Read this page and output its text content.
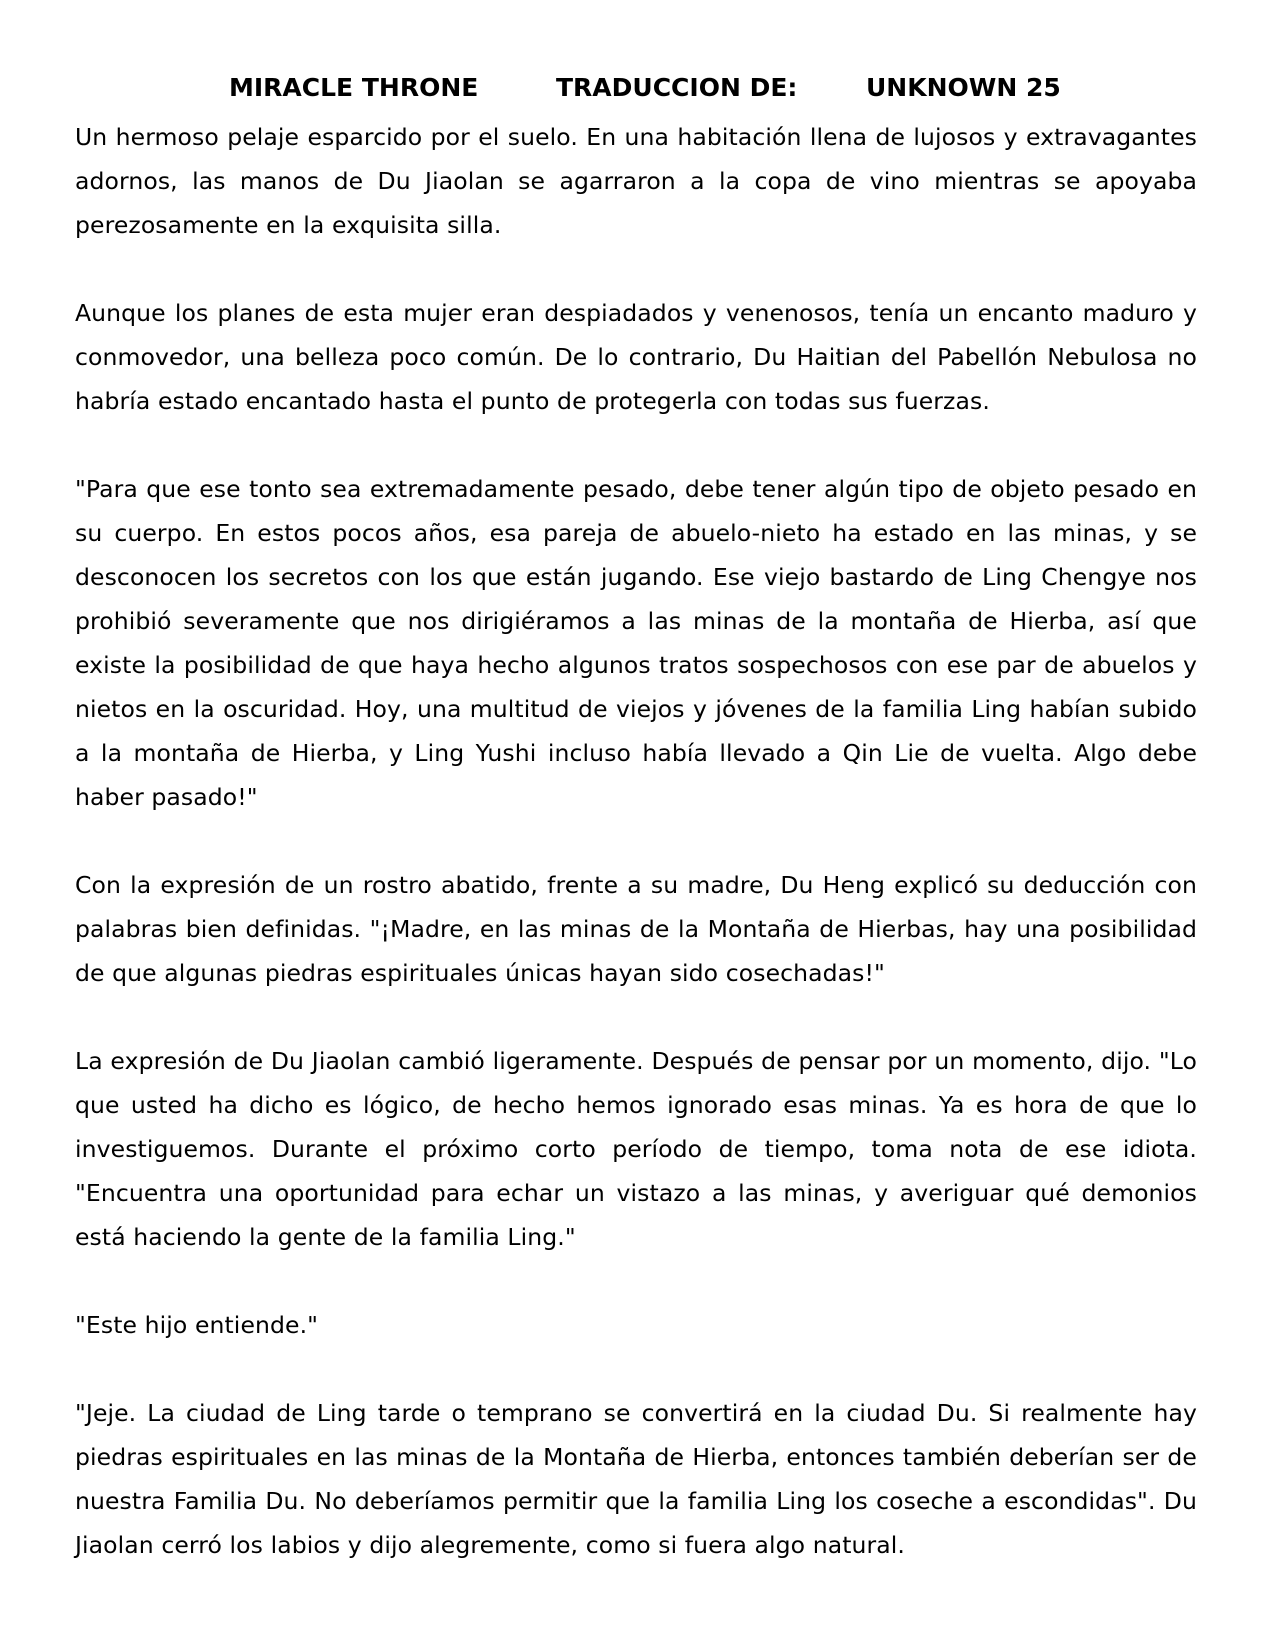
MIRACLE THRONE	TRADUCCION DE:	UNKNOWN 25

Un hermoso pelaje esparcido por el suelo. En una habitación llena de lujosos y extravagantes adornos, las manos de Du Jiaolan se agarraron a la copa de vino mientras se apoyaba perezosamente en la exquisita silla.

Aunque los planes de esta mujer eran despiadados y venenosos, tenía un encanto maduro y conmovedor, una belleza poco común. De lo contrario, Du Haitian del Pabellón Nebulosa no habría estado encantado hasta el punto de protegerla con todas sus fuerzas.

"Para que ese tonto sea extremadamente pesado, debe tener algún tipo de objeto pesado en su cuerpo. En estos pocos años, esa pareja de abuelo-nieto ha estado en las minas, y se desconocen los secretos con los que están jugando. Ese viejo bastardo de Ling Chengye nos prohibió severamente que nos dirigiéramos a las minas de la montaña de Hierba, así que existe la posibilidad de que haya hecho algunos tratos sospechosos con ese par de abuelos y nietos en la oscuridad. Hoy, una multitud de viejos y jóvenes de la familia Ling habían subido a la montaña de Hierba, y Ling Yushi incluso había llevado a Qin Lie de vuelta. Algo debe haber pasado!"

Con la expresión de un rostro abatido, frente a su madre, Du Heng explicó su deducción con palabras bien definidas. "¡Madre, en las minas de la Montaña de Hierbas, hay una posibilidad de que algunas piedras espirituales únicas hayan sido cosechadas!"

La expresión de Du Jiaolan cambió ligeramente. Después de pensar por un momento, dijo. "Lo que usted ha dicho es lógico, de hecho hemos ignorado esas minas. Ya es hora de que lo investiguemos. Durante el próximo corto período de tiempo, toma nota de ese idiota. "Encuentra una oportunidad para echar un vistazo a las minas, y averiguar qué demonios está haciendo la gente de la familia Ling."

"Este hijo entiende."

"Jeje. La ciudad de Ling tarde o temprano se convertirá en la ciudad Du. Si realmente hay piedras espirituales en las minas de la Montaña de Hierba, entonces también deberían ser de nuestra Familia Du. No deberíamos permitir que la familia Ling los coseche a escondidas". Du Jiaolan cerró los labios y dijo alegremente, como si fuera algo natural.
